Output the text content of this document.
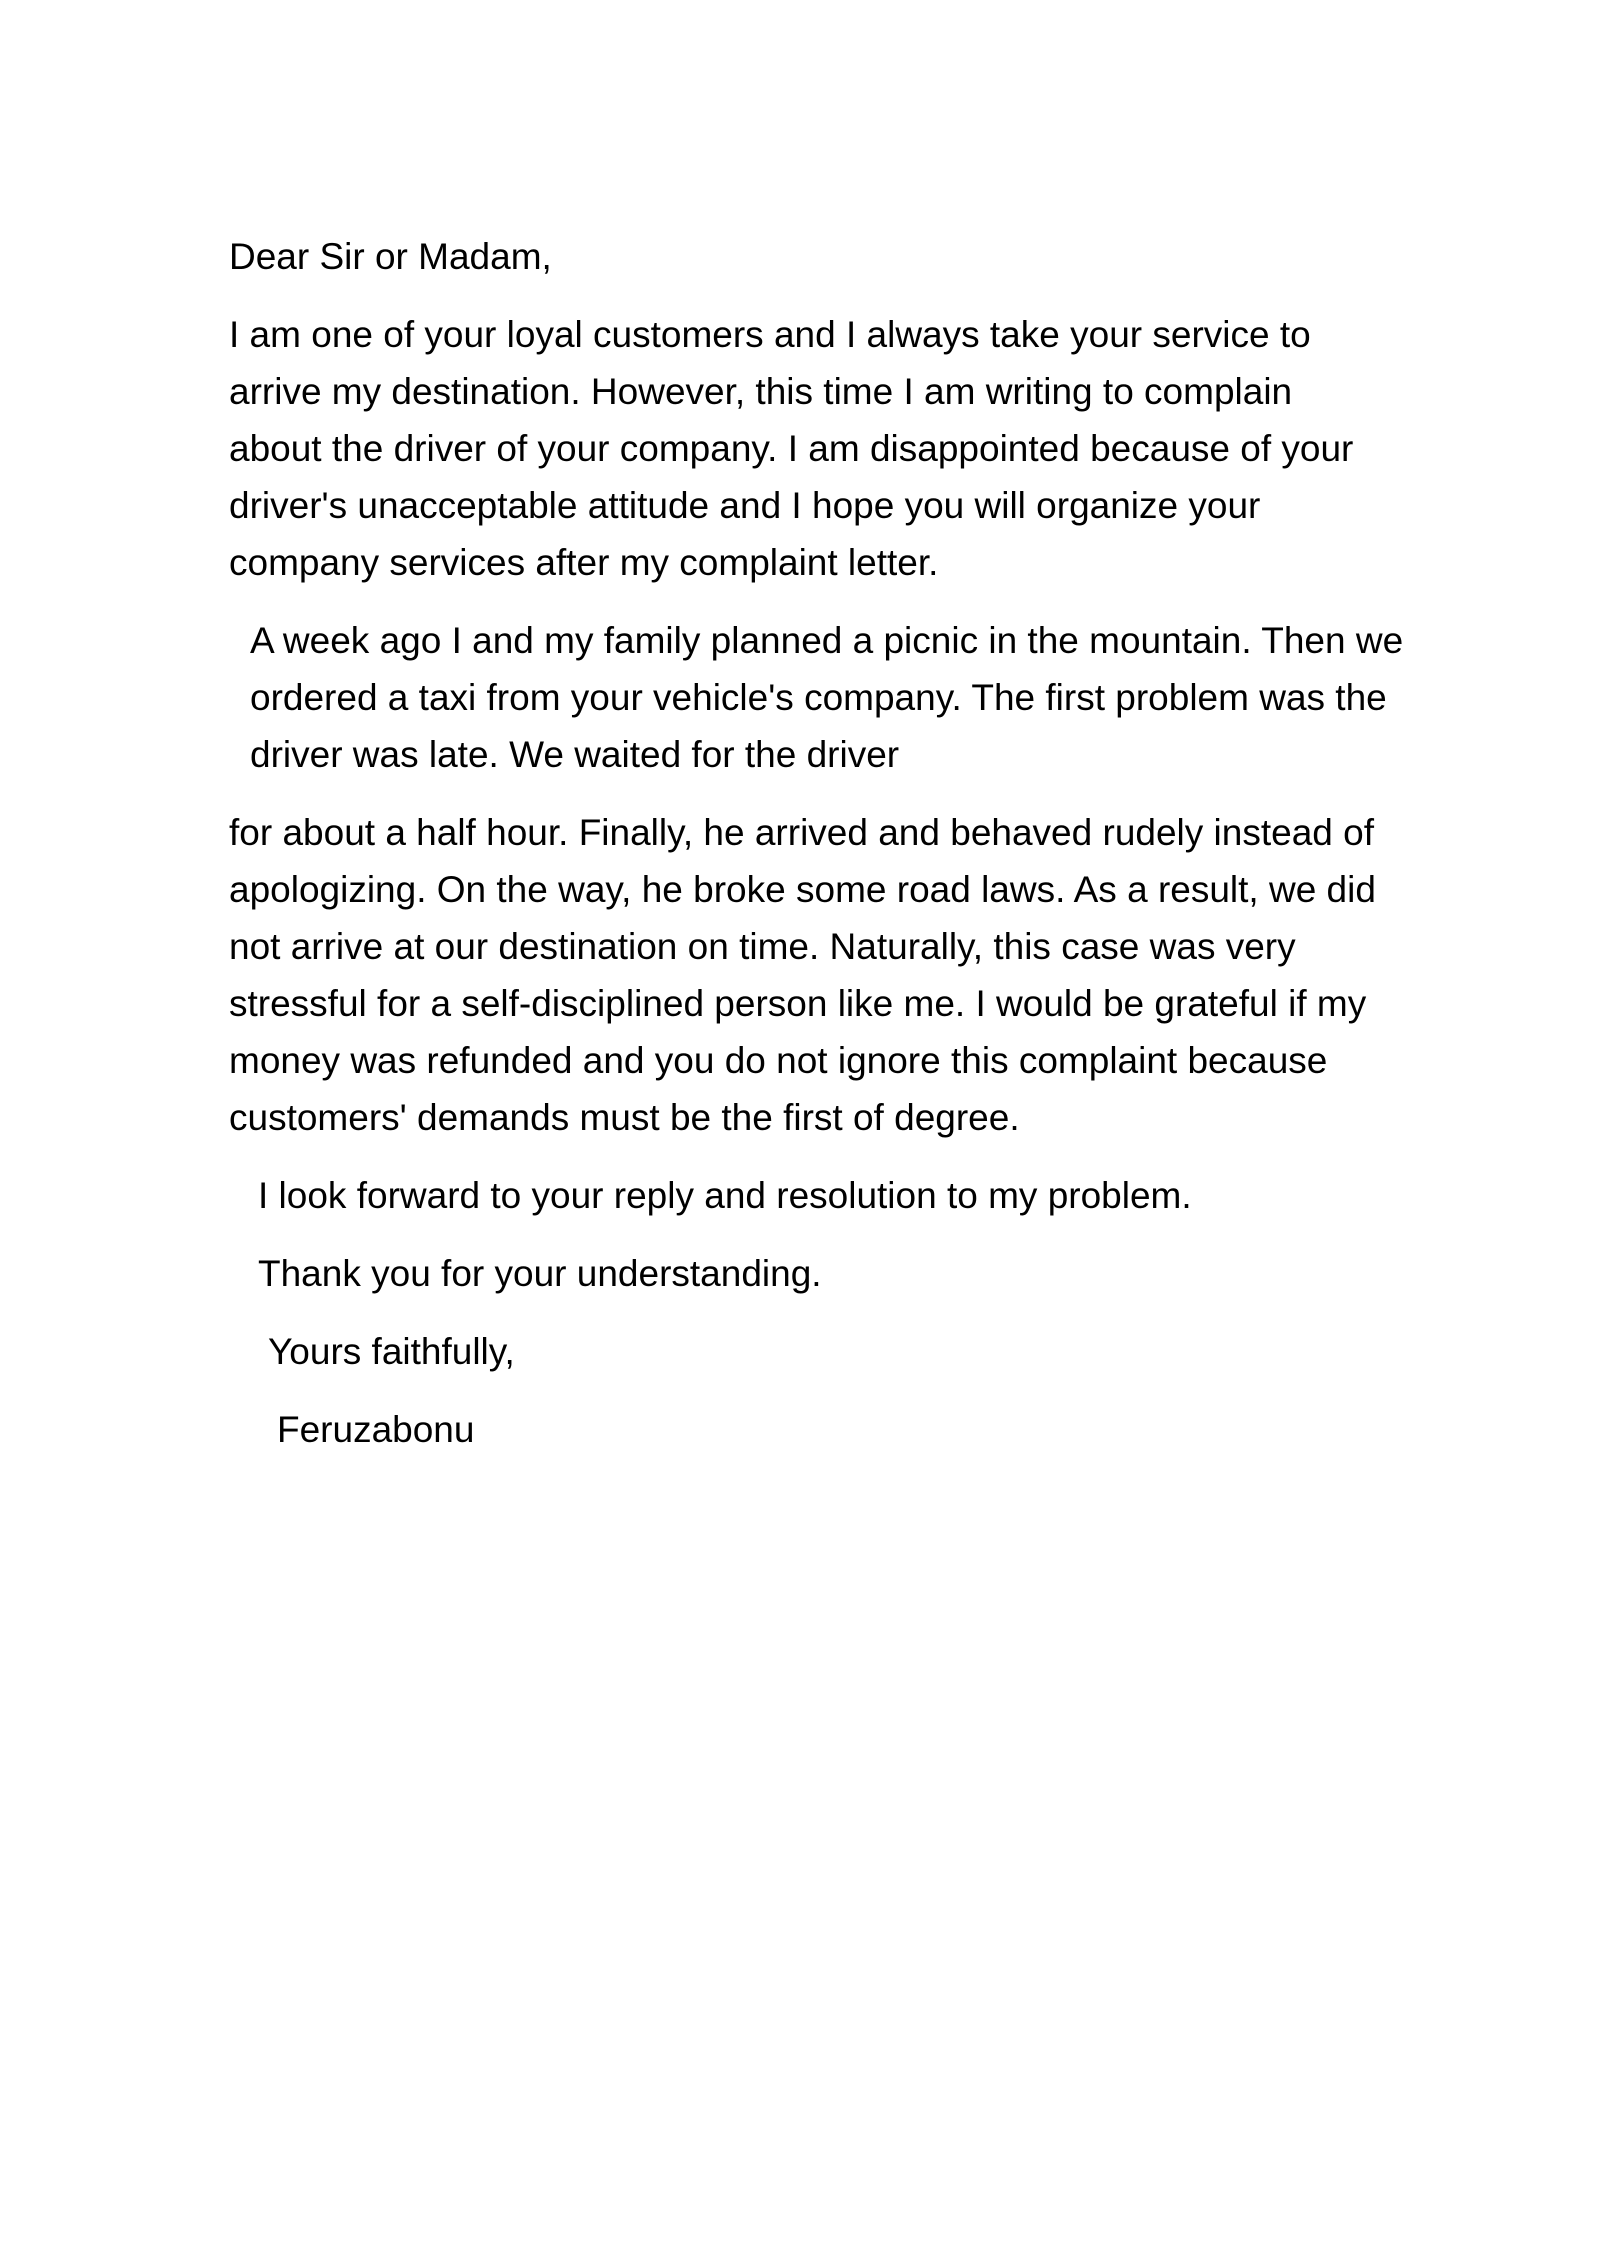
Dear Sir or Madam,

I am one of your loyal customers and I always take your service to
arrive my destination. However, this time I am writing to complain
about the driver of your company. I am disappointed because of your
driver's unacceptable attitude and I hope you will organize your
company services after my complaint letter.

A week ago I and my family planned a picnic in the mountain. Then we
ordered a taxi from your vehicle's company. The first problem was the
driver was late. We waited for the driver

for about a half hour. Finally, he arrived and behaved rudely instead of
apologizing. On the way, he broke some road laws. As a result, we did
not arrive at our destination on time. Naturally, this case was very
stressful for a self-disciplined person like me. I would be grateful if my
money was refunded and you do not ignore this complaint because
customers' demands must be the first of degree.

I look forward to your reply and resolution to my problem.

Thank you for your understanding.

Yours faithfully,

Feruzabonu
